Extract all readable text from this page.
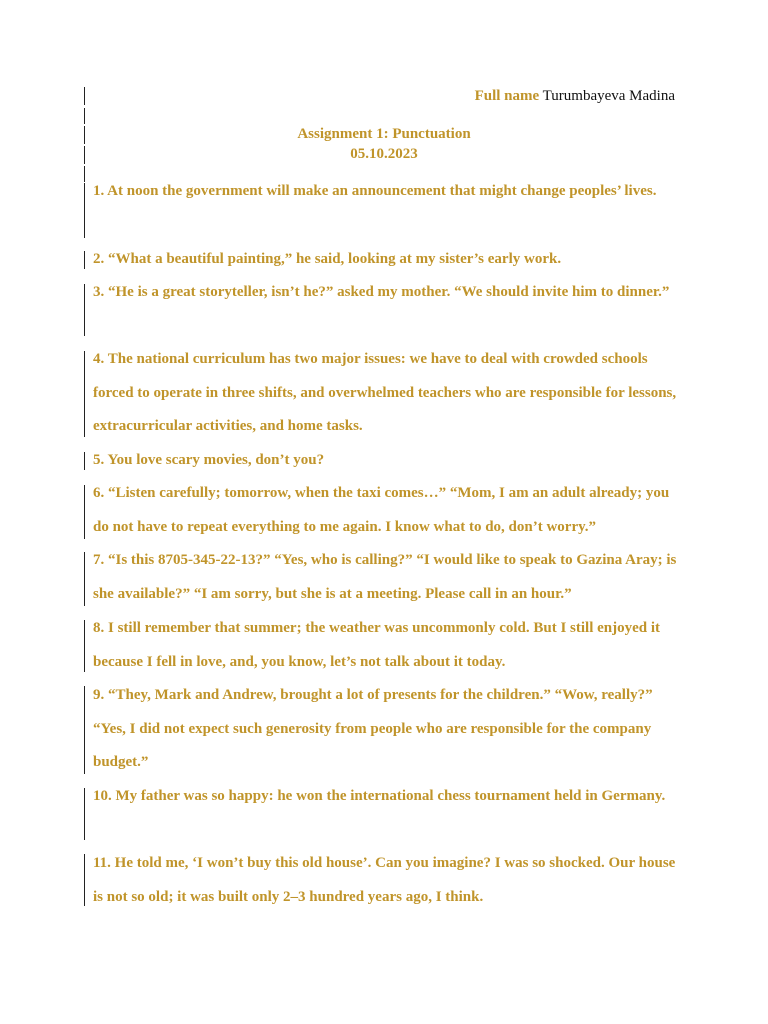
Full name Turumbayeva Madina
Assignment 1: Punctuation
05.10.2023

1. At noon the government will make an announcement that might change peoples’ lives.

2. “What a beautiful painting,” he said, looking at my sister’s early work.

3. “He is a great storyteller, isn’t he?” asked my mother. “We should invite him to dinner.”

4. The national curriculum has two major issues: we have to deal with crowded schools forced to operate in three shifts, and overwhelmed teachers who are responsible for lessons, extracurricular activities, and home tasks.

5. You love scary movies, don’t you?

6. “Listen carefully; tomorrow, when the taxi comes…” “Mom, I am an adult already; you do not have to repeat everything to me again. I know what to do, don’t worry.”

7. “Is this 8705-345-22-13?” “Yes, who is calling?” “I would like to speak to Gazina Aray; is she available?” “I am sorry, but she is at a meeting. Please call in an hour.”

8. I still remember that summer; the weather was uncommonly cold. But I still enjoyed it because I fell in love, and, you know, let’s not talk about it today.

9. “They, Mark and Andrew, brought a lot of presents for the children.” “Wow, really?” “Yes, I did not expect such generosity from people who are responsible for the company budget.”

10. My father was so happy: he won the international chess tournament held in Germany.

11. He told me, ‘I won’t buy this old house’. Can you imagine? I was so shocked. Our house is not so old; it was built only 2–3 hundred years ago, I think.
